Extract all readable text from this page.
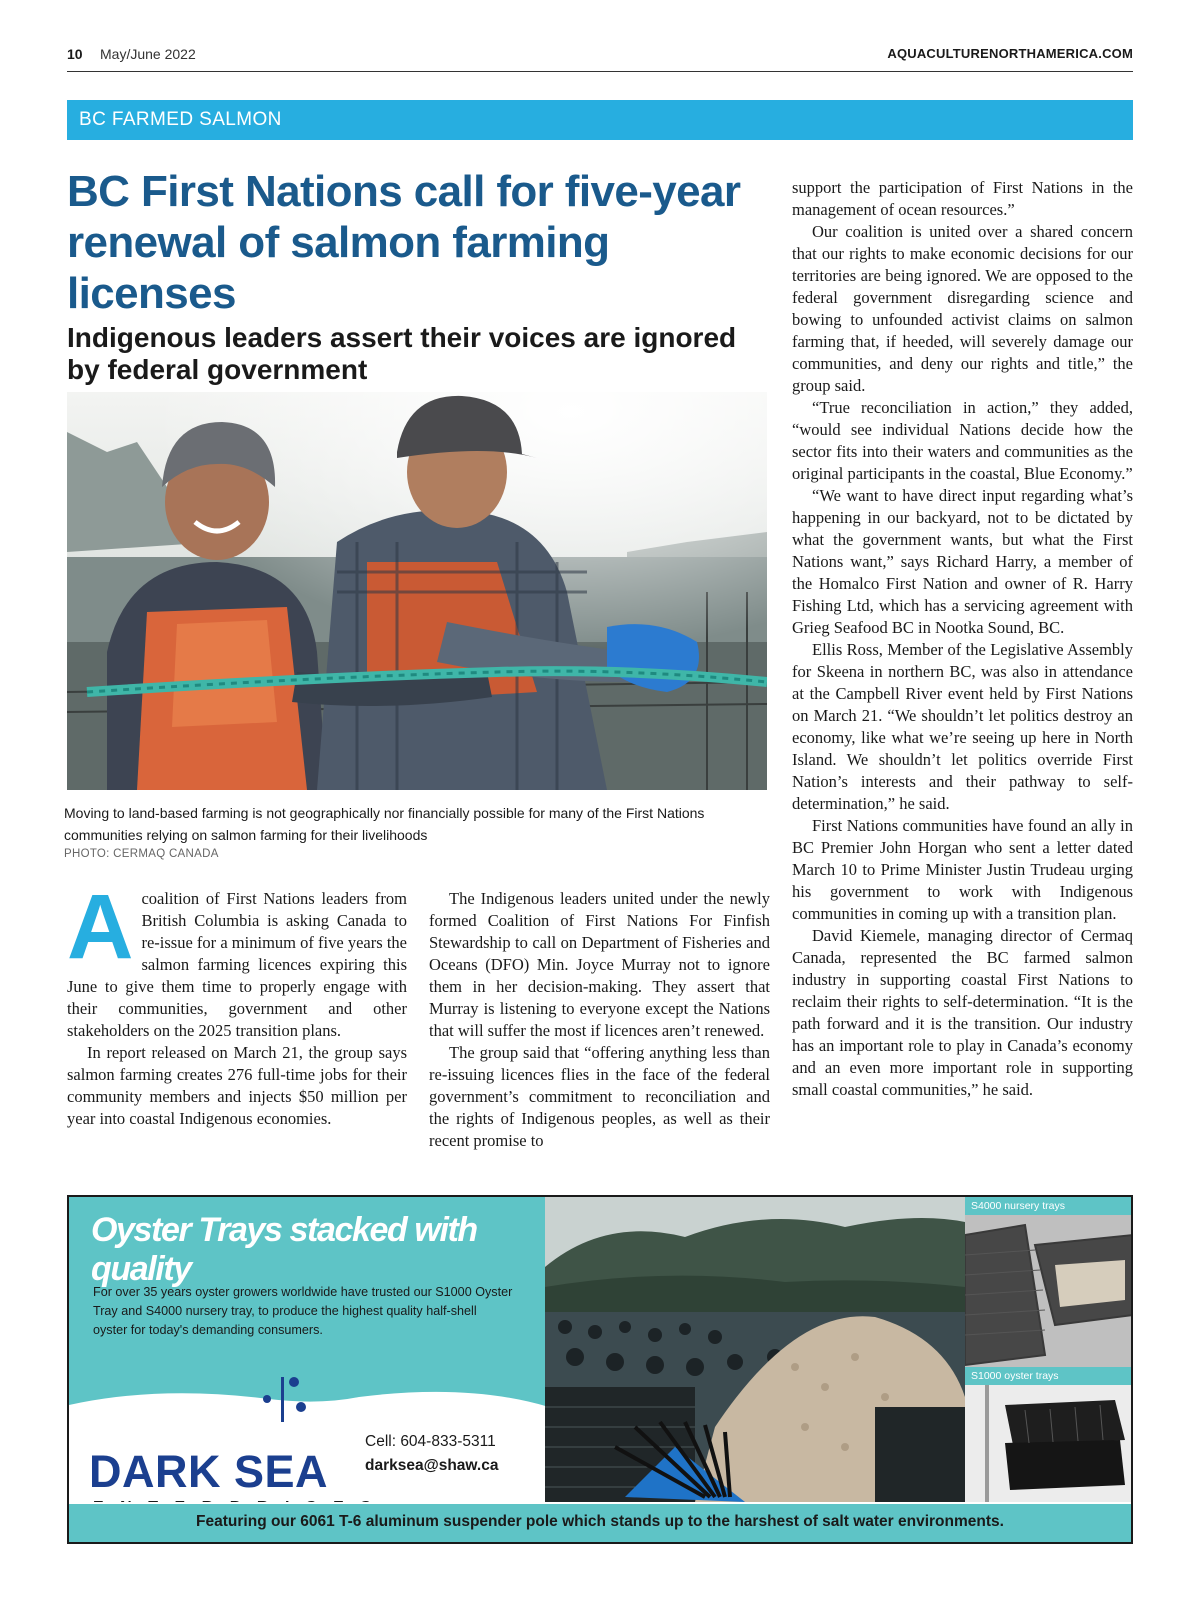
10 May/June 2022	AQUACULTURENORTHAMERICA.COM
BC FARMED SALMON
BC First Nations call for five-year renewal of salmon farming licenses
Indigenous leaders assert their voices are ignored by federal government

Moving to land-based farming is not geographically nor financially possible for many of the First Nations communities relying on salmon farming for their livelihoods

PHOTO: CERMAQ CANADA

Acoalition of First Nations leaders from British Columbia is asking Canada to re-issue for a minimum of five years the salmon farming licences expiring this June to give them time to properly engage with their communities, government and other stakeholders on the 2025 transition plans.

In report released on March 21, the group says salmon farming creates 276 full-time jobs for their community members and injects $50 million per year into coastal Indigenous economies.

The Indigenous leaders united under the newly formed Coalition of First Nations For Finfish Stewardship to call on Department of Fisheries and Oceans (DFO) Min. Joyce Murray not to ignore them in her decision-making. They assert that Murray is listening to everyone except the Nations that will suffer the most if licences aren’t renewed.

The group said that “offering anything less than re-issuing licences flies in the face of the federal government’s commitment to reconciliation and the rights of Indigenous peoples, as well as their recent promise to

support the participation of First Nations in the management of ocean resources.”

Our coalition is united over a shared concern that our rights to make economic decisions for our territories are being ignored. We are opposed to the federal government disregarding science and bowing to unfounded activist claims on salmon farming that, if heeded, will severely damage our communities, and deny our rights and title,” the group said.

“True reconciliation in action,” they added, “would see individual Nations decide how the sector fits into their waters and communities as the original participants in the coastal, Blue Economy.”

“We want to have direct input regarding what’s happening in our backyard, not to be dictated by what the government wants, but what the First Nations want,” says Richard Harry, a member of the Homalco First Nation and owner of R. Harry Fishing Ltd, which has a servicing agreement with Grieg Seafood BC in Nootka Sound, BC.

Ellis Ross, Member of the Legislative Assembly for Skeena in northern BC, was also in attendance at the Campbell River event held by First Nations on March 21. “We shouldn’t let politics destroy an economy, like what we’re seeing up here in North Island. We shouldn’t let politics override First Nation’s interests and their pathway to self-determination,” he said.

First Nations communities have found an ally in BC Premier John Horgan who sent a letter dated March 10 to Prime Minister Justin Trudeau urging his government to work with Indigenous communities in coming up with a transition plan.

David Kiemele, managing director of Cermaq Canada, represented the BC farmed salmon industry in supporting coastal First Nations to reclaim their rights to self-determination. “It is the path forward and it is the transition. Our industry has an important role to play in Canada’s economy and an even more important role in supporting small coastal communities,” he said.

Oyster Trays stacked with quality

For over 35 years oyster growers worldwide have trusted our S1000 Oyster Tray and S4000 nursery tray, to produce the highest quality half-shell oyster for today's demanding consumers.

DARK SEA
Cell: 604-833-5311
darksea@shaw.ca
S4000 nursery trays
S1000 oyster trays
Featuring our 6061 T-6 aluminum suspender pole which stands up to the harshest of salt water environments.
